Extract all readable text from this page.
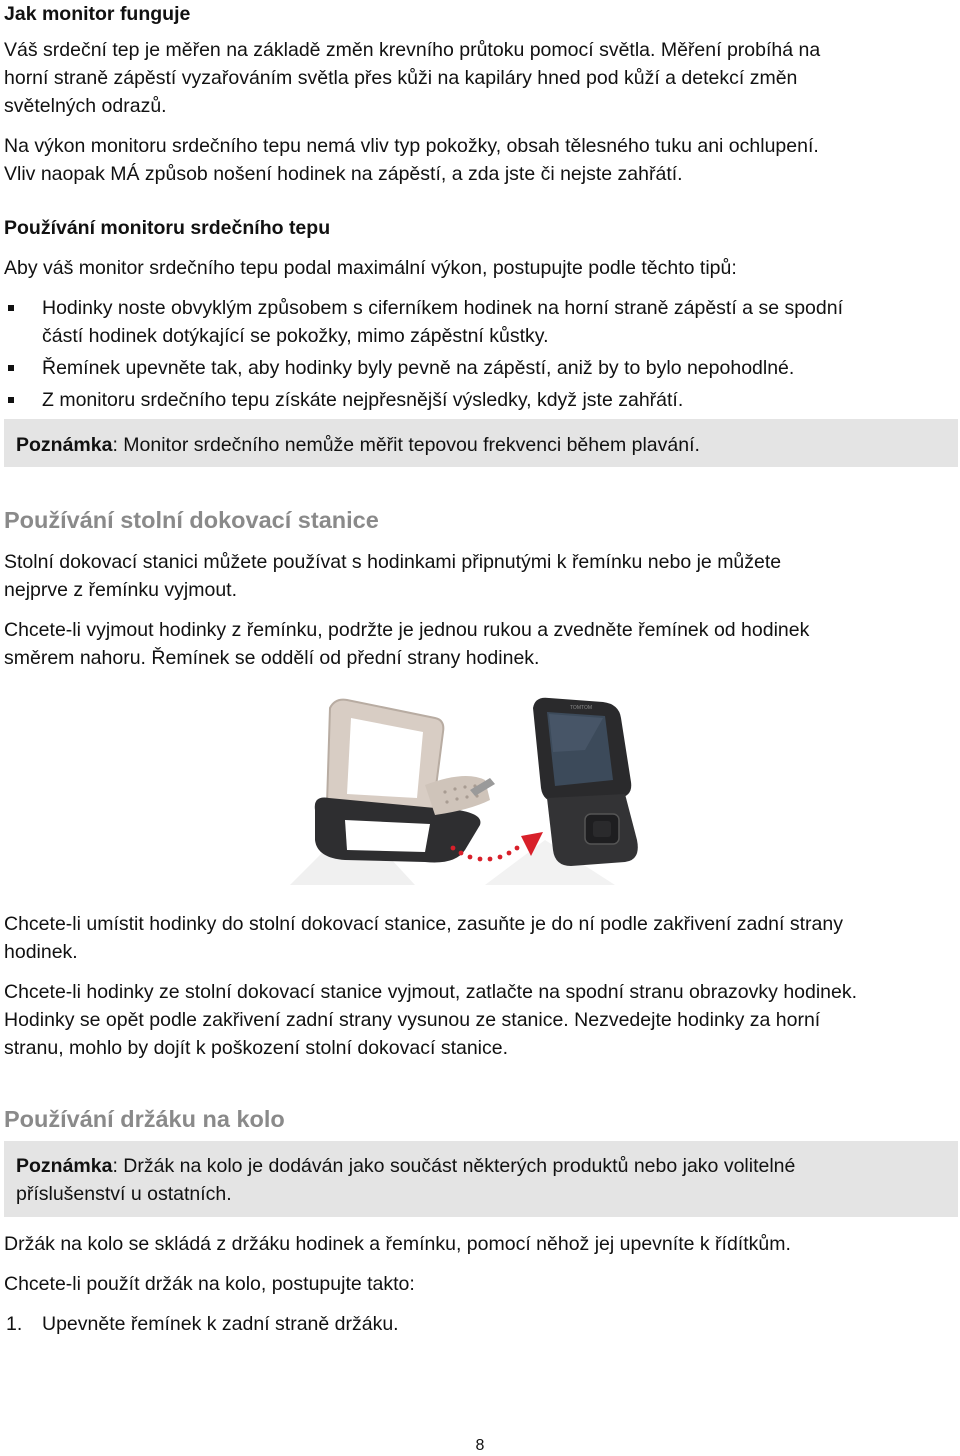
Jak monitor funguje

Váš srdeční tep je měřen na základě změn krevního průtoku pomocí světla. Měření probíhá na

horní straně zápěstí vyzařováním světla přes kůži na kapiláry hned pod kůží a detekcí změn

světelných odrazů.

Na výkon monitoru srdečního tepu nemá vliv typ pokožky, obsah tělesného tuku ani ochlupení.

Vliv naopak MÁ způsob nošení hodinek na zápěstí, a zda jste či nejste zahřátí.

Používání monitoru srdečního tepu

Aby váš monitor srdečního tepu podal maximální výkon, postupujte podle těchto tipů:

Hodinky noste obvyklým způsobem s ciferníkem hodinek na horní straně zápěstí a se spodní

částí hodinek dotýkající se pokožky, mimo zápěstní kůstky.

Řemínek upevněte tak, aby hodinky byly pevně na zápěstí, aniž by to bylo nepohodlné.

Z monitoru srdečního tepu získáte nejpřesnější výsledky, když jste zahřátí.

Poznámka: Monitor srdečního nemůže měřit tepovou frekvenci během plavání.

Používání stolní dokovací stanice

Stolní dokovací stanici můžete používat s hodinkami připnutými k řemínku nebo je můžete

nejprve z řemínku vyjmout.

Chcete-li vyjmout hodinky z řemínku, podržte je jednou rukou a zvedněte řemínek od hodinek

směrem nahoru. Řemínek se oddělí od přední strany hodinek.

TOMTOM

Chcete-li umístit hodinky do stolní dokovací stanice, zasuňte je do ní podle zakřivení zadní strany

hodinek.

Chcete-li hodinky ze stolní dokovací stanice vyjmout, zatlačte na spodní stranu obrazovky hodinek.

Hodinky se opět podle zakřivení zadní strany vysunou ze stanice. Nezvedejte hodinky za horní

stranu, mohlo by dojít k poškození stolní dokovací stanice.

Používání držáku na kolo

Poznámka: Držák na kolo je dodáván jako součást některých produktů nebo jako volitelné
příslušenství u ostatních.

Držák na kolo se skládá z držáku hodinek a řemínku, pomocí něhož jej upevníte k řídítkům.

Chcete-li použít držák na kolo, postupujte takto:

1. Upevněte řemínek k zadní straně držáku.

8
